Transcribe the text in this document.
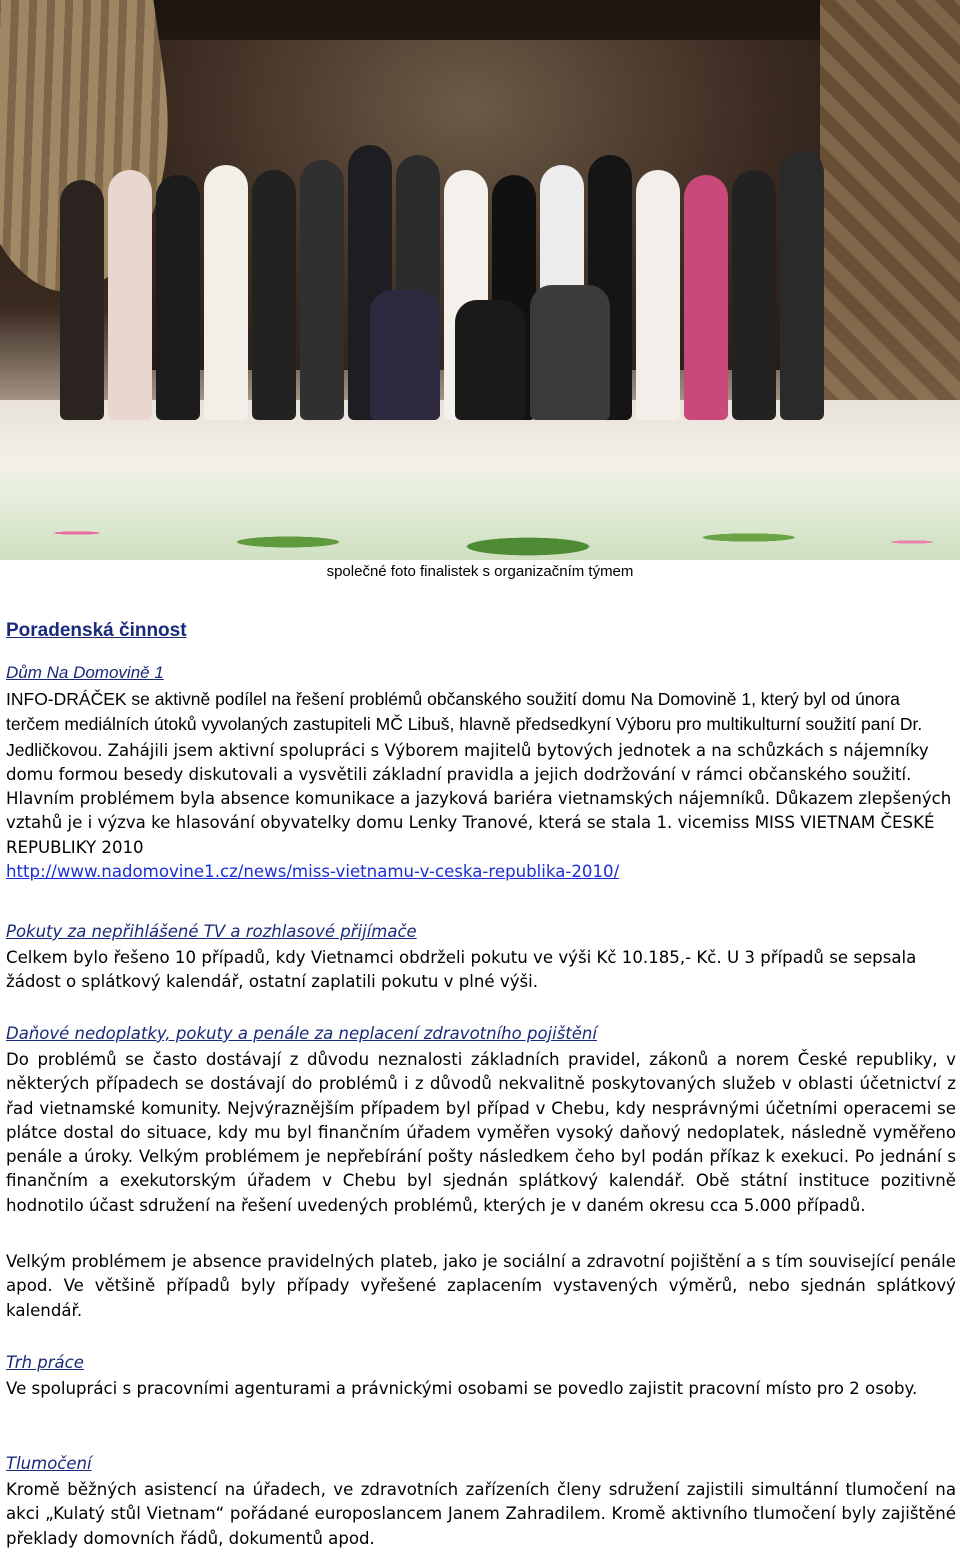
společné foto finalistek s organizačním týmem
Poradenská činnost
Dům Na Domovině 1
INFO-DRÁČEK se aktivně podílel na řešení problémů občanského soužití domu Na Domovině 1, který byl od února terčem mediálních útoků vyvolaných zastupiteli MČ Libuš, hlavně předsedkyní Výboru pro multikulturní soužití paní Dr. Jedličkovou. Zahájili jsem aktivní spolupráci s Výborem majitelů bytových jednotek a na schůzkách s nájemníky domu formou besedy diskutovali a vysvětili základní pravidla a jejich dodržování v rámci občanského soužití. Hlavním problémem byla absence komunikace a jazyková bariéra vietnamských nájemníků. Důkazem zlepšených vztahů je i výzva ke hlasování obyvatelky domu Lenky Tranové, která se stala 1. vicemiss MISS VIETNAM ČESKÉ REPUBLIKY 2010
http://www.nadomovine1.cz/news/miss-vietnamu-v-ceska-republika-2010/
Pokuty za nepřihlášené TV a rozhlasové přijímače
Celkem bylo řešeno 10 případů, kdy Vietnamci obdrželi pokutu ve výši Kč 10.185,- Kč. U 3 případů se sepsala žádost o splátkový kalendář, ostatní zaplatili pokutu v plné výši.
Daňové nedoplatky, pokuty a penále za neplacení zdravotního pojištění
Do problémů se často dostávají z důvodu neznalosti základních pravidel, zákonů a norem České republiky, v některých případech se dostávají do problémů i z důvodů nekvalitně poskytovaných služeb v oblasti účetnictví z řad vietnamské komunity. Nejvýraznějším případem byl případ v Chebu, kdy nesprávnými účetními operacemi se plátce dostal do situace, kdy mu byl finančním úřadem vyměřen vysoký daňový nedoplatek, následně vyměřeno penále a úroky. Velkým problémem je nepřebírání pošty následkem čeho byl podán příkaz k exekuci. Po jednání s finančním a exekutorským úřadem v Chebu byl sjednán splátkový kalendář. Obě státní instituce pozitivně hodnotilo účast sdružení na řešení uvedených problémů, kterých je v daném okresu cca 5.000 případů.
Velkým problémem je absence pravidelných plateb, jako je sociální a zdravotní pojištění a s tím související penále apod. Ve většině případů byly případy vyřešené zaplacením vystavených výměrů, nebo sjednán splátkový kalendář.
Trh práce
Ve spolupráci s pracovními agenturami a právnickými osobami se povedlo zajistit pracovní místo pro 2 osoby.
Tlumočení
Kromě běžných asistencí na úřadech, ve zdravotních zařízeních členy sdružení zajistili simultánní tlumočení na akci „Kulatý stůl Vietnam“ pořádané europoslancem Janem Zahradilem. Kromě aktivního tlumočení byly zajištěné překlady domovních řádů, dokumentů apod.
